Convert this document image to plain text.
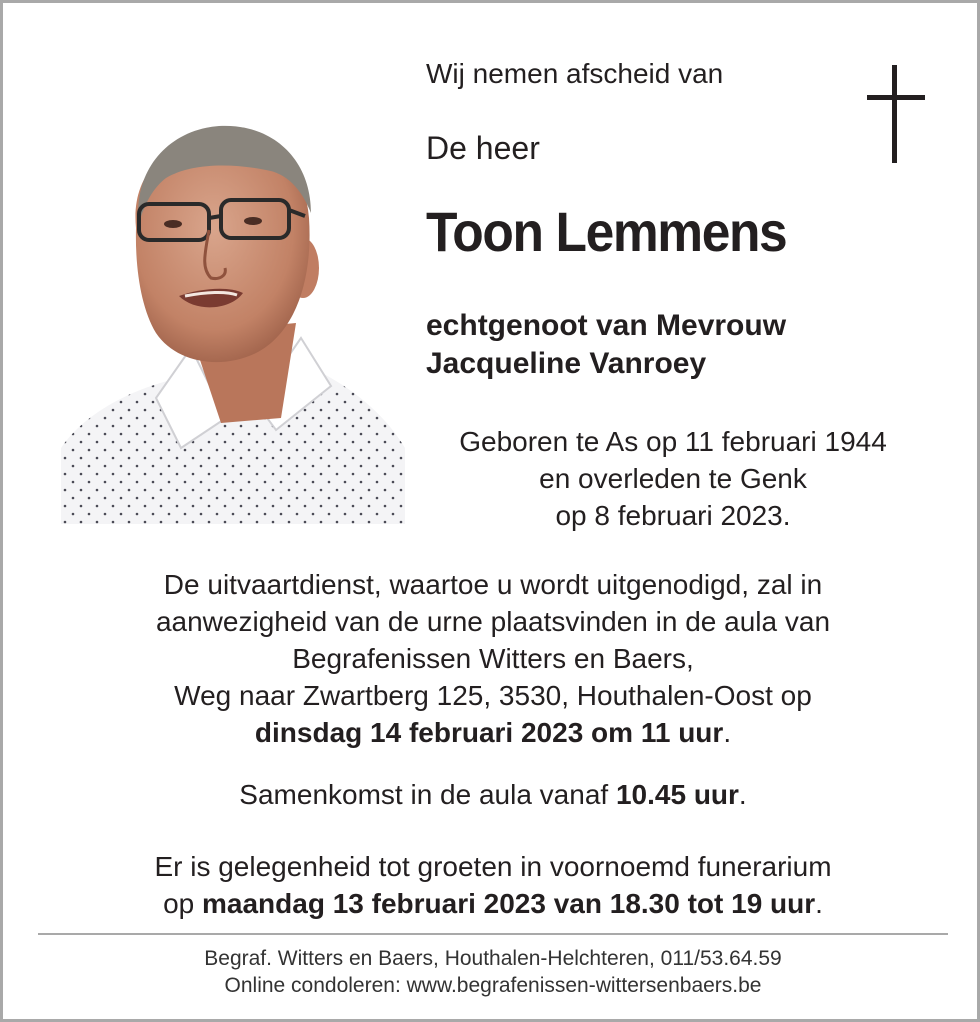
Wij nemen afscheid van
De heer
Toon Lemmens
echtgenoot van Mevrouw
Jacqueline Vanroey
Geboren te As op 11 februari 1944
en overleden te Genk
op 8 februari 2023.
De uitvaartdienst, waartoe u wordt uitgenodigd, zal in
aanwezigheid van de urne plaatsvinden in de aula van
Begrafenissen Witters en Baers,
Weg naar Zwartberg 125, 3530, Houthalen-Oost op
dinsdag 14 februari 2023 om 11 uur.
Samenkomst in de aula vanaf 10.45 uur.
Er is gelegenheid tot groeten in voornoemd funerarium
op maandag 13 februari 2023 van 18.30 tot 19 uur.
Begraf. Witters en Baers, Houthalen-Helchteren, 011/53.64.59
Online condoleren: www.begrafenissen-wittersenbaers.be
